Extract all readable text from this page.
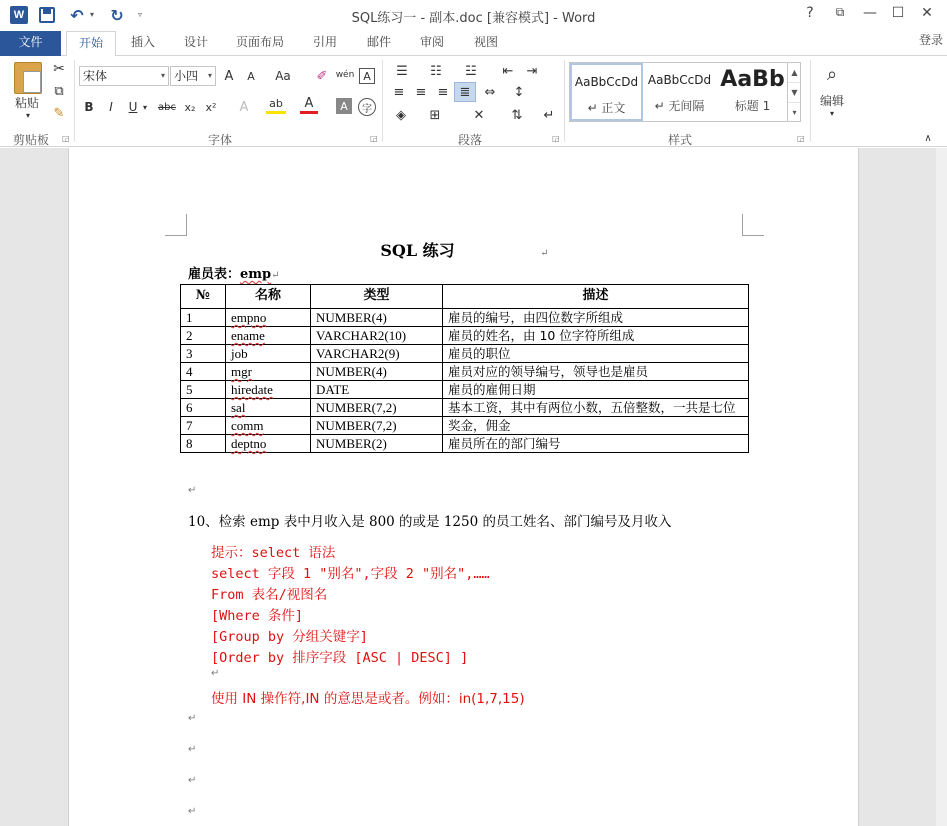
W	↶ ▾ ↻ ▿	SQL练习一 - 副本.doc [兼容模式] - Word	?	⧉	— ☐ ✕
文件	开始	插入	设计	页面布局	引用	邮件	审阅	视图	登录
粘贴
▾
✂
⧉
✎
剪贴板	◲
宋体	▾ 小四 ▾ A	A	Aa	✐ wén A
B	I	U ▾	abc x₂ x² A	ab	A	A	字
字体	◲
☰	☷	☳	⇤	⇥
≡ ≡ ≡ ≣	⇔	↕
◈	⊞	✕	⇅	↵
段落	◲
AaBbCcDd
↵ 正文
AaBbCcDd
↵ 无间隔
AaBb
标题 1
▲
▼
▾
样式	◲
⌕
编辑
▾
∧
SQL 练习	↵
雇员表：emp↵
№	名称	类型	描述
1	empno	NUMBER(4)	雇员的编号，由四位数字所组成
2	ename	VARCHAR2(10)	雇员的姓名，由 10 位字符所组成
3	job	VARCHAR2(9)	雇员的职位
4	mgr	NUMBER(4)	雇员对应的领导编号，领导也是雇员
5	hiredate	DATE	雇员的雇佣日期
6	sal	NUMBER(7,2)	基本工资，其中有两位小数，五倍整数，一共是七位
7	comm	NUMBER(7,2)	奖金，佣金
8	deptno	NUMBER(2)	雇员所在的部门编号
↵
10、检索 emp 表中月收入是 800 的或是 1250 的员工姓名、部门编号及月收入
提示：select 语法
select 字段 1 "别名",字段 2 "别名",……
From 表名/视图名
[Where 条件]
[Group by 分组关键字]
[Order by 排序字段 [ASC | DESC] ]
↵
使用 IN 操作符,IN 的意思是或者。例如：in(1,7,15)
↵
↵
↵
↵
